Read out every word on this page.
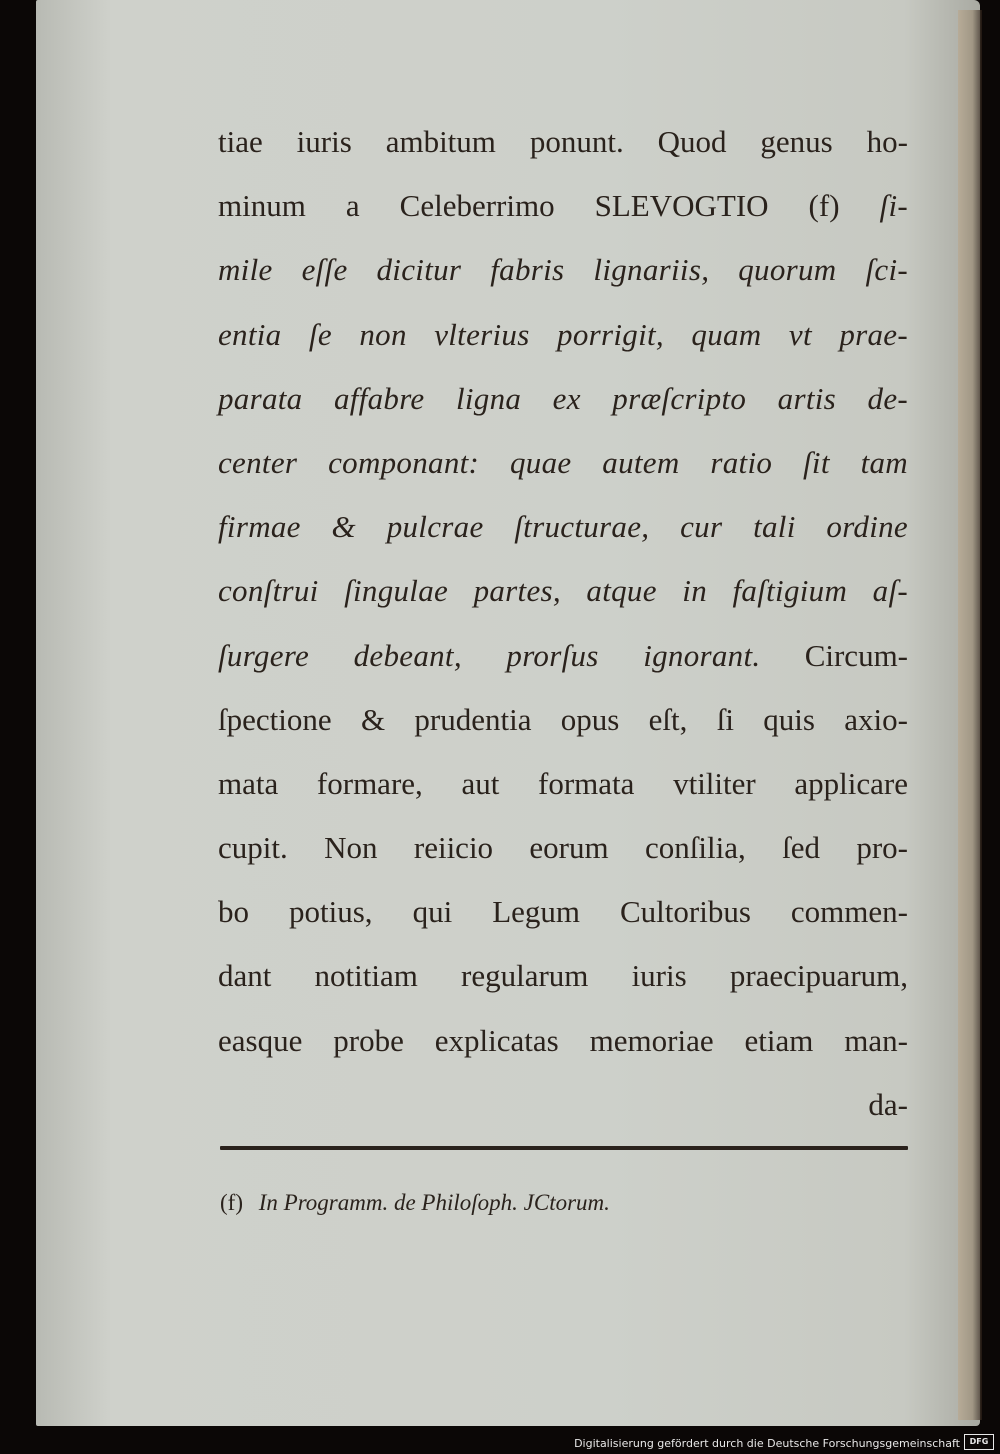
tiae iuris ambitum ponunt. Quod genus ho-
minum a Celeberrimo SLEVOGTIO (f) ſi-
mile eſſe dicitur fabris lignariis, quorum ſci-
entia ſe non vlterius porrigit, quam vt prae-
parata affabre ligna ex præſcripto artis de-
center componant: quae autem ratio ſit tam
firmae & pulcrae ſtructurae, cur tali ordine
conſtrui ſingulae partes, atque in faſtigium aſ-
ſurgere debeant, prorſus ignorant. Circum-
ſpectione & prudentia opus eſt, ſi quis axio-
mata formare, aut formata vtiliter applicare
cupit. Non reiicio eorum conſilia, ſed pro-
bo potius, qui Legum Cultoribus commen-
dant notitiam regularum iuris praecipuarum,
easque probe explicatas memoriae etiam man-
da-
(f) In Programm. de Philoſoph. JCtorum.
Digitalisierung gefördert durch die Deutsche Forschungsgemeinschaft	DFG
